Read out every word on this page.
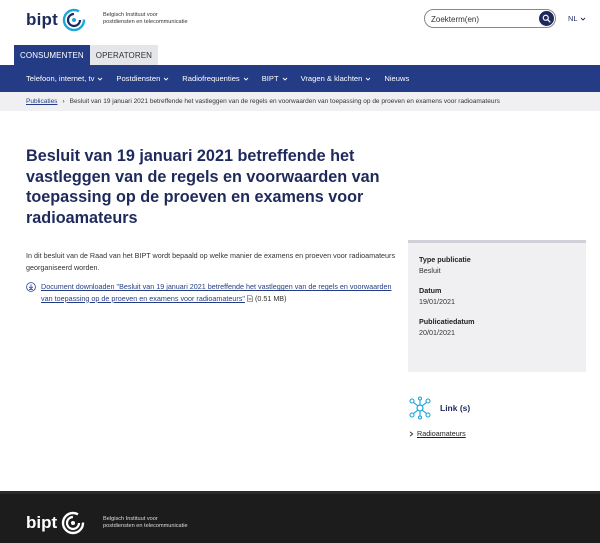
bipt	Belgisch Instituut voor
postdiensten en telecommunicatie
Zoekterm(en)	NL
CONSUMENTEN	OPERATOREN
Telefoon, internet, tv	Postdiensten	Radiofrequenties	BIPT	Vragen & klachten	Nieuws
Publicaties › Besluit van 19 januari 2021 betreffende het vastleggen van de regels en voorwaarden van toepassing op de proeven en examens voor radioamateurs
Besluit van 19 januari 2021 betreffende het vastleggen van de regels en voorwaarden van toepassing op de proeven en examens voor radioamateurs

In dit besluit van de Raad van het BIPT wordt bepaald op welke manier de examens en proeven voor radioamateurs georganiseerd worden.

Document downloaden "Besluit van 19 januari 2021 betreffende het vastleggen van de regels en voorwaarden van toepassing op de proeven en examens voor radioamateurs" (0.51 MB)
Type publicatie
Besluit
Datum
19/01/2021
Publicatiedatum
20/01/2021
Link (s)
Radioamateurs
bipt	Belgisch Instituut voor
postdiensten en telecommunicatie
